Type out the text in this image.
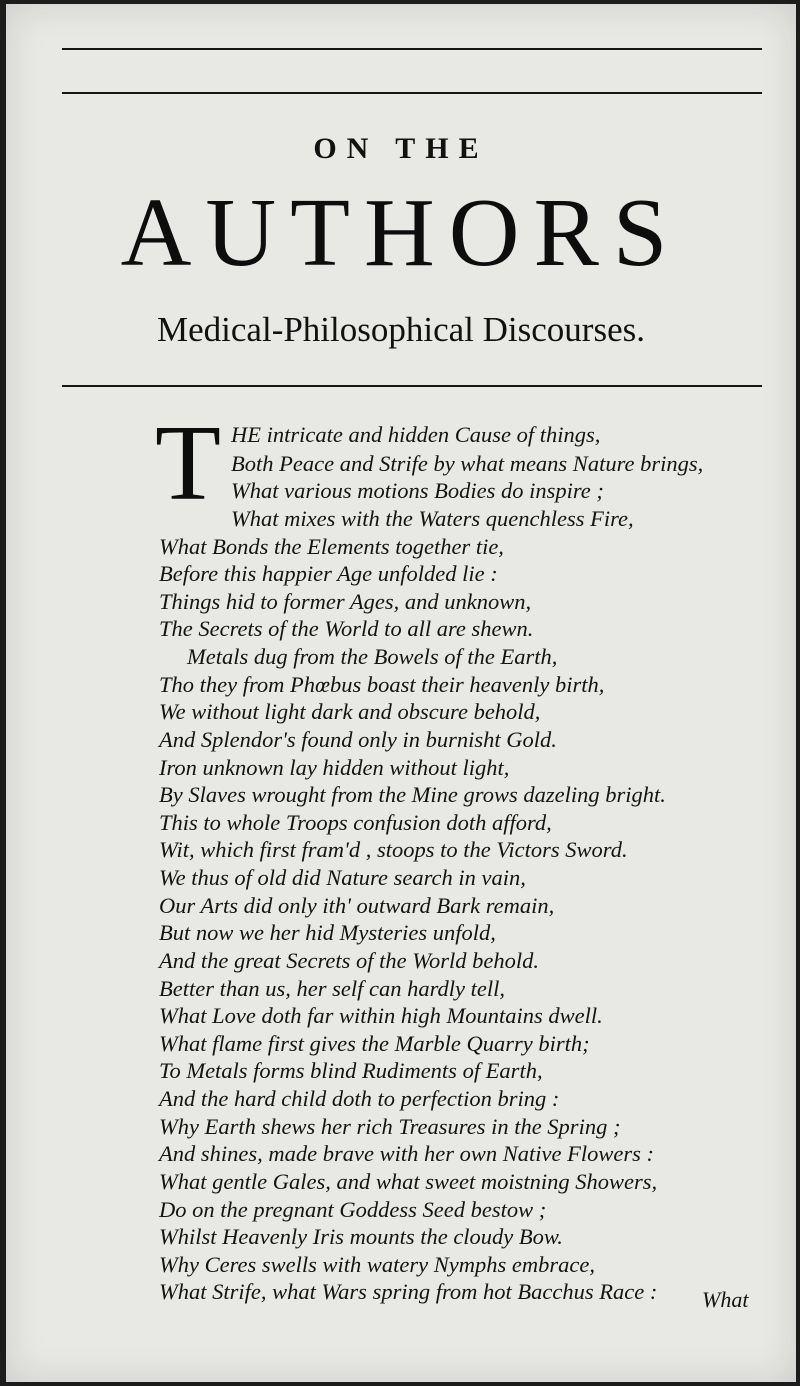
ON THE
AUTHORS
Medical-Philosophical Discourses.
T HE intricate and hidden Cause of things,
Both Peace and Strife by what means Nature brings,
What various motions Bodies do inspire ;
What mixes with the Waters quenchless Fire,
What Bonds the Elements together tie,
Before this happier Age unfolded lie :
Things hid to former Ages, and unknown,
The Secrets of the World to all are shewn.
Metals dug from the Bowels of the Earth,
Tho they from Phœbus boast their heavenly birth,
We without light dark and obscure behold,
And Splendor's found only in burnisht Gold.
Iron unknown lay hidden without light,
By Slaves wrought from the Mine grows dazeling bright.
This to whole Troops confusion doth afford,
Wit, which first fram'd , stoops to the Victors Sword.
We thus of old did Nature search in vain,
Our Arts did only ith' outward Bark remain,
But now we her hid Mysteries unfold,
And the great Secrets of the World behold.
Better than us, her self can hardly tell,
What Love doth far within high Mountains dwell.
What flame first gives the Marble Quarry birth;
To Metals forms blind Rudiments of Earth,
And the hard child doth to perfection bring :
Why Earth shews her rich Treasures in the Spring ;
And shines, made brave with her own Native Flowers :
What gentle Gales, and what sweet moistning Showers,
Do on the pregnant Goddess Seed bestow ;
Whilst Heavenly Iris mounts the cloudy Bow.
Why Ceres swells with watery Nymphs embrace,
What Strife, what Wars spring from hot Bacchus Race : What
